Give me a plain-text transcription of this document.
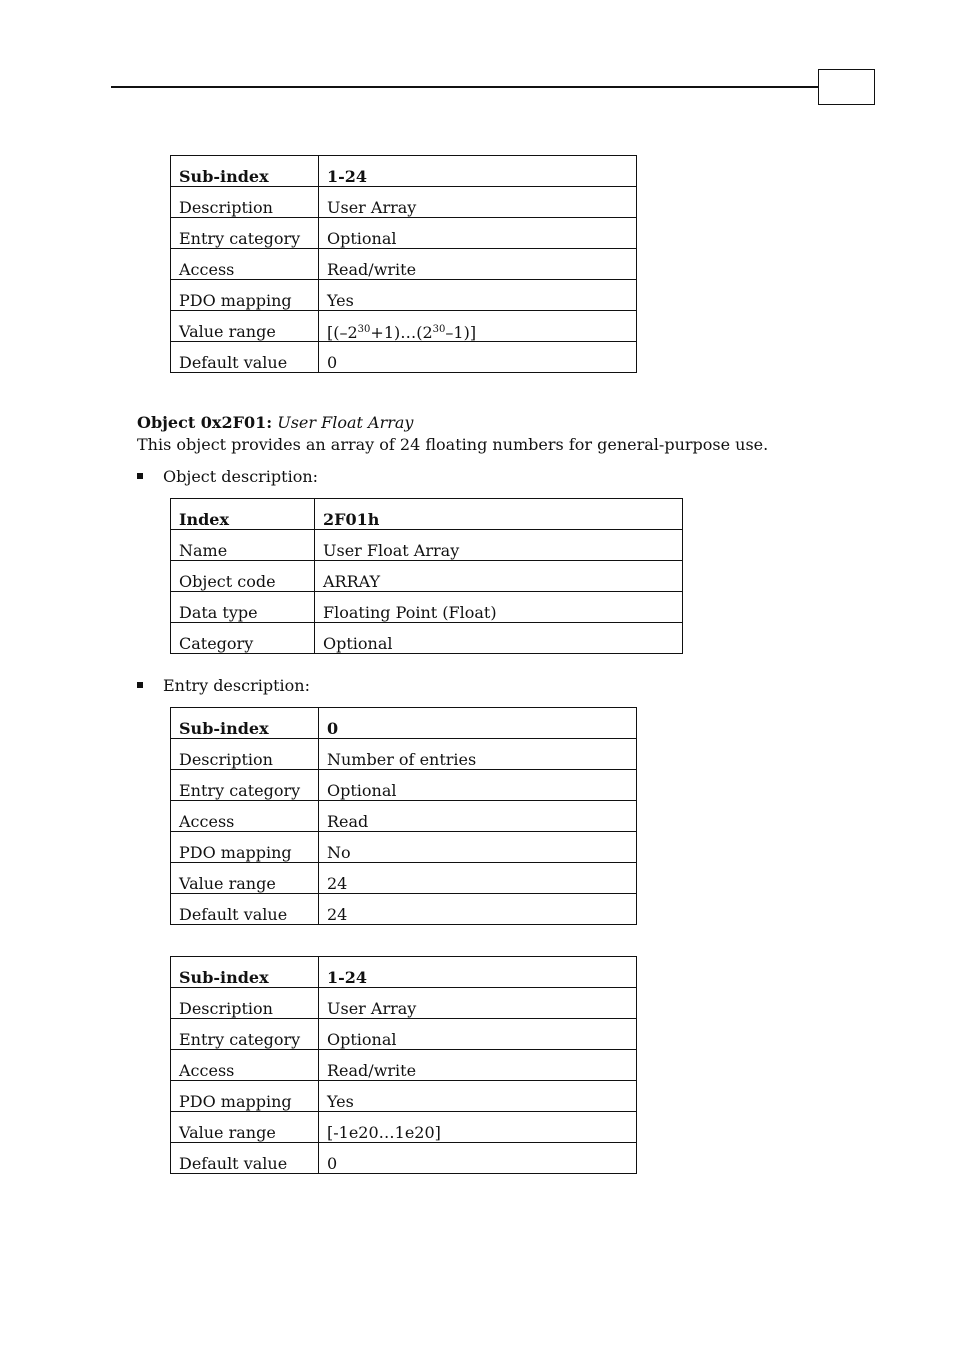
Sub-index	1-24
Description	User Array
Entry category	Optional
Access	Read/write
PDO mapping	Yes
Value range	$[(-2^{30}+1)\dots(2^{30}-1)]$
Default value	0
Object 0x2F01: User Float Array
This object provides an array of 24 floating numbers for general-purpose use.
Object description:
Index	2F01h
Name	User Float Array
Object code	ARRAY
Data type	Floating Point (Float)
Category	Optional
Entry description:
Sub-index	0
Description	Number of entries
Entry category	Optional
Access	Read
PDO mapping	No
Value range	24
Default value	24
Sub-index	1-24
Description	User Array
Entry category	Optional
Access	Read/write
PDO mapping	Yes
Value range	[-1e20…1e20]
Default value	0
